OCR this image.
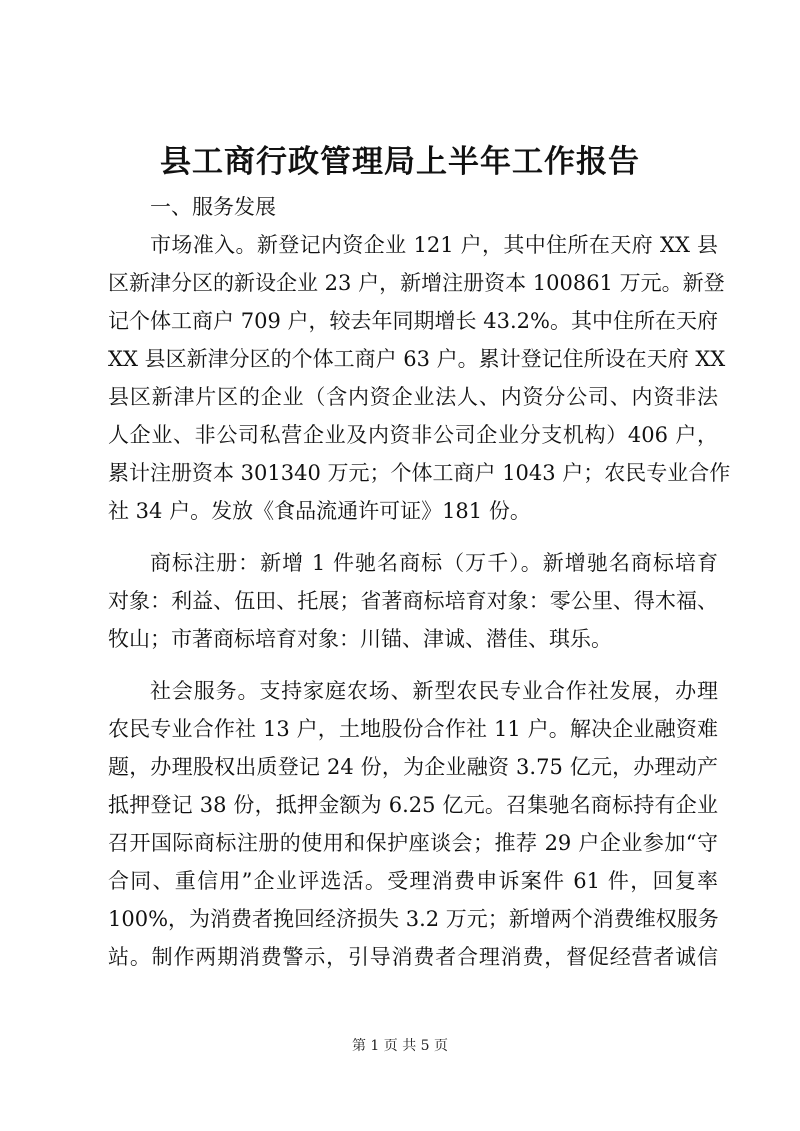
县工商行政管理局上半年工作报告
一、服务发展
市场准入。新登记内资企业 121 户，其中住所在天府 XX 县
区新津分区的新设企业 23 户，新增注册资本 100861 万元。新登
记个体工商户 709 户，较去年同期增长 43.2%。其中住所在天府
XX 县区新津分区的个体工商户 63 户。累计登记住所设在天府 XX
县区新津片区的企业（含内资企业法人、内资分公司、内资非法
人企业、非公司私营企业及内资非公司企业分支机构）406 户，
累计注册资本 301340 万元；个体工商户 1043 户；农民专业合作
社 34 户。发放《食品流通许可证》181 份。
商标注册：新增 1 件驰名商标（万千）。新增驰名商标培育
对象：利益、伍田、托展；省著商标培育对象：零公里、得木福、
牧山；市著商标培育对象：川锚、津诚、潜佳、琪乐。
社会服务。支持家庭农场、新型农民专业合作社发展，办理
农民专业合作社 13 户，土地股份合作社 11 户。解决企业融资难
题，办理股权出质登记 24 份，为企业融资 3.75 亿元，办理动产
抵押登记 38 份，抵押金额为 6.25 亿元。召集驰名商标持有企业
召开国际商标注册的使用和保护座谈会；推荐 29 户企业参加“守
合同、重信用”企业评选活。受理消费申诉案件 61 件，回复率
100%，为消费者挽回经济损失 3.2 万元；新增两个消费维权服务
站。制作两期消费警示，引导消费者合理消费，督促经营者诚信
第 1 页 共 5 页
